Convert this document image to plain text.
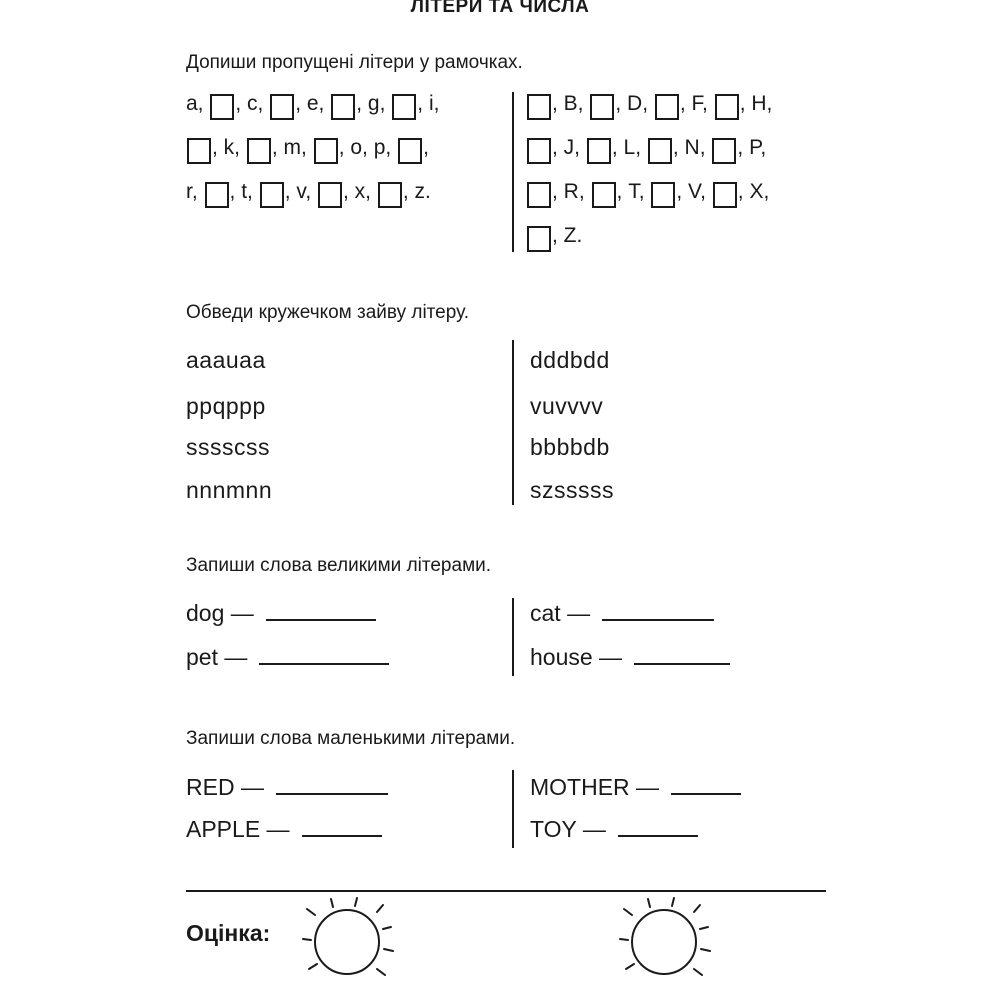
ЛІТЕРИ ТА ЧИСЛА
Допиши пропущені літери у рамочках.
a, , c, , e, , g, , i,
, k, , m, , o, p, ,
r, , t, , v, , x, , z.
, B, , D, , F, , H,
, J, , L, , N, , P,
, R, , T, , V, , X,
, Z.
Обведи кружечком зайву літеру.
aaauaa
ppqppp
sssscss
nnnmnn
dddbdd
vuvvvv
bbbbdb
szsssss
Запиши слова великими літерами.
dog —
pet —
cat —
house —
Запиши слова маленькими літерами.
RED —
APPLE —
MOTHER —
TOY —
Оцінка:
